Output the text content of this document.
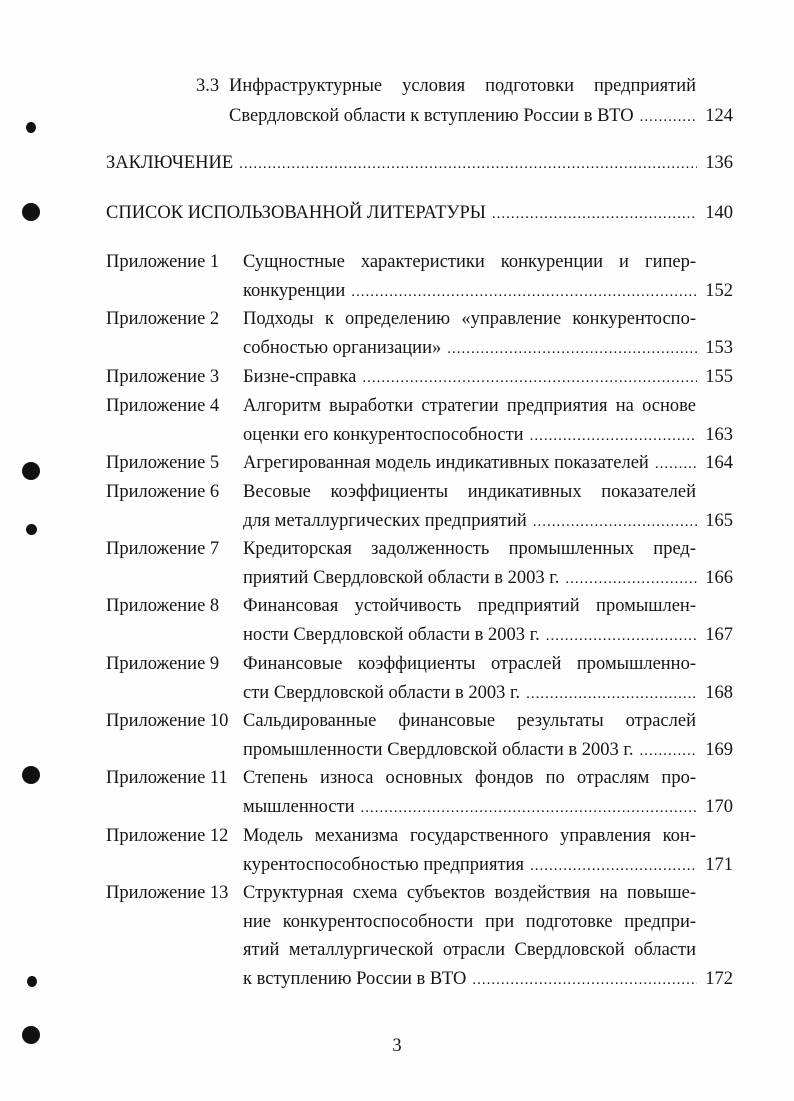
3.3 Инфраструктурные условия подготовки предприятий
Свердловской области к вступлению России в ВТО .....	124
ЗАКЛЮЧЕНИЕ .....	136
СПИСОК ИСПОЛЬЗОВАННОЙ ЛИТЕРАТУРЫ .....	140
Приложение 1 Сущностные характеристики конкуренции и гипер-
конкуренции .....	152
Приложение 2 Подходы к определению «управление конкурентоспо-
собностью организации» .....	153
Приложение 3 Бизне-справка .....	155
Приложение 4 Алгоритм выработки стратегии предприятия на основе
оценки его конкурентоспособности .....	163
Приложение 5 Агрегированная модель индикативных показателей .....	164
Приложение 6 Весовые коэффициенты индикативных показателей
для металлургических предприятий .....	165
Приложение 7 Кредиторская задолженность промышленных пред-
приятий Свердловской области в 2003 г. .....	166
Приложение 8 Финансовая устойчивость предприятий промышлен-
ности Свердловской области в 2003 г. .....	167
Приложение 9 Финансовые коэффициенты отраслей промышленно-
сти Свердловской области в 2003 г. .....	168
Приложение 10 Сальдированные финансовые результаты отраслей
промышленности Свердловской области в 2003 г. .....	169
Приложение 11 Степень износа основных фондов по отраслям про-
мышленности .....	170
Приложение 12 Модель механизма государственного управления кон-
курентоспособностью предприятия .....	171
Приложение 13 Структурная схема субъектов воздействия на повыше-
ние конкурентоспособности при подготовке предпри-
ятий металлургической отрасли Свердловской области
к вступлению России в ВТО .....	172
3
